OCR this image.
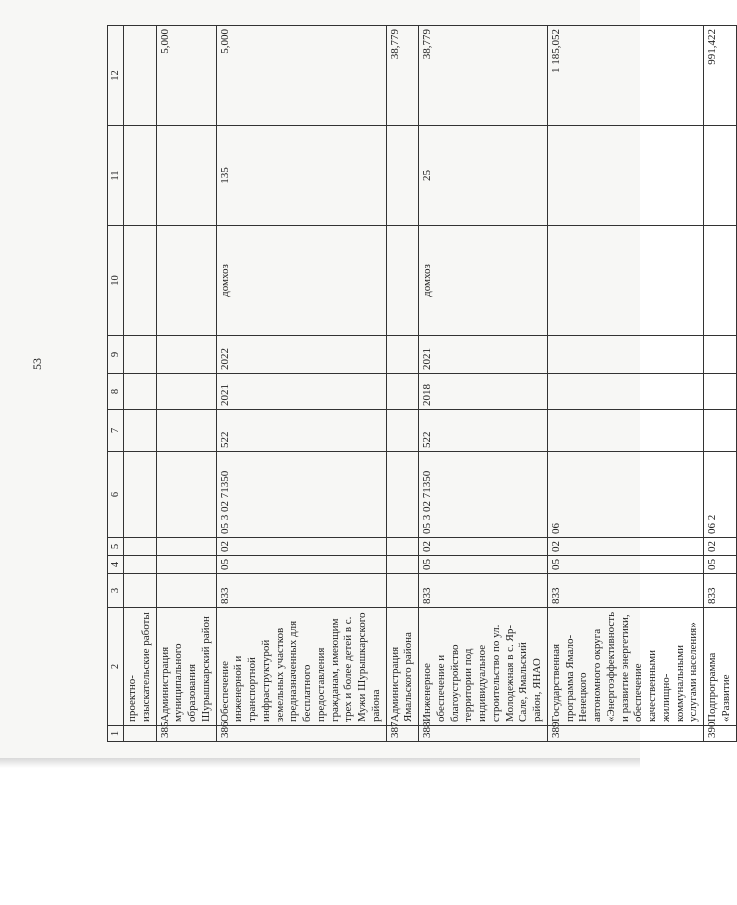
53
1	2	3	4	5	6	7	8	9	10	11	12
	проектно-изыскательские работы										
385	Администрация муниципального образования Шурышкарский район										5,000
386	Обеспечение инженерной и транспортной инфраструктурой земельных участков предназначенных для бесплатного предоставления гражданам, имеющим трех и более детей в с. Мужи Шурышкарского района	833	05	02	05 3 02 71350	522	2021	2022	домхоз	135	5,000
387	Администрация Ямальского района										38,779
388	Инженерное обеспечение и благоустройство территории под индивидуальное строительство по ул. Молодежная в с. Яр-Сале, Ямальский район, ЯНАО	833	05	02	05 3 02 71350	522	2018	2021	домхоз	25	38,779
389	Государственная программа Ямало-Ненецкого автономного округа «Энергоэффективность и развитие энергетики, обеспечение качественными жилищно-коммунальными услугами населения»	833	05	02	06						1 185,052
390	Подпрограмма «Развитие	833	05	02	06 2						991,422
